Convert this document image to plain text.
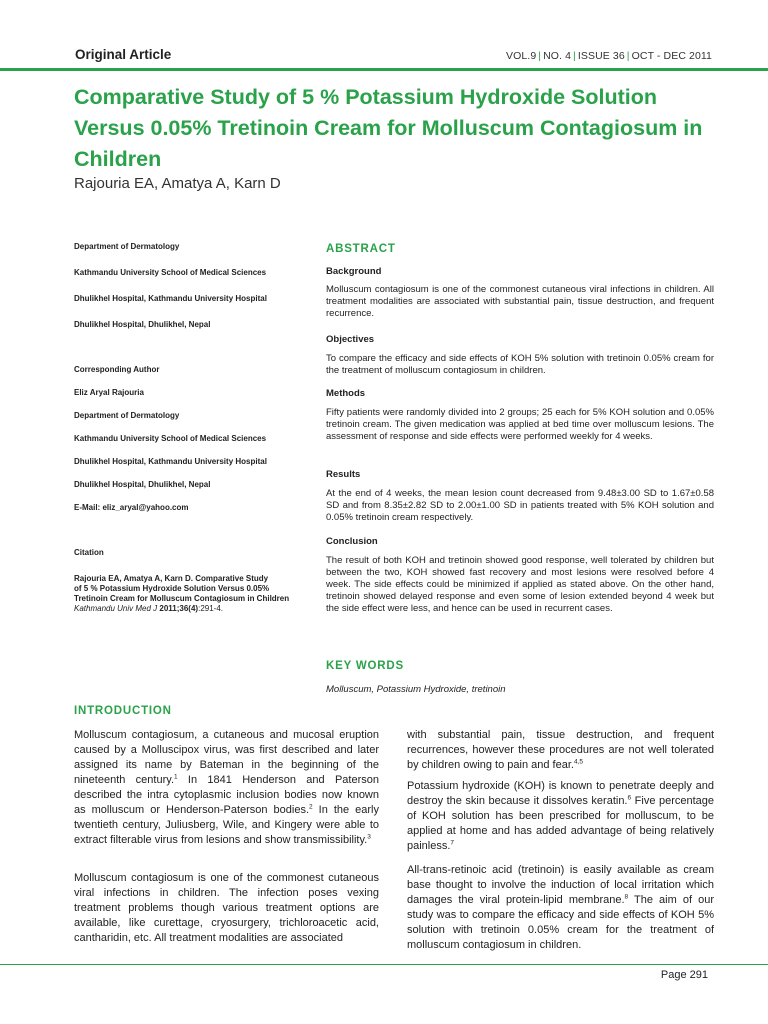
Original Article	VOL.9 | NO. 4 | ISSUE 36 | OCT - DEC 2011
Comparative Study of 5 % Potassium Hydroxide Solution Versus 0.05% Tretinoin Cream for Molluscum Contagiosum in Children
Rajouria EA, Amatya A, Karn D
Department of Dermatology
Kathmandu University School of Medical Sciences
Dhulikhel Hospital, Kathmandu University Hospital
Dhulikhel Hospital, Dhulikhel, Nepal
Corresponding Author
Eliz Aryal Rajouria
Department of Dermatology
Kathmandu University School of Medical Sciences
Dhulikhel Hospital, Kathmandu University Hospital
Dhulikhel Hospital, Dhulikhel, Nepal
E-Mail: eliz_aryal@yahoo.com
Citation
Rajouria EA, Amatya A, Karn D. Comparative Study
of 5 % Potassium Hydroxide Solution Versus 0.05%
Tretinoin Cream for Molluscum Contagiosum in Children
Kathmandu Univ Med J 2011;36(4):291-4.
ABSTRACT
Background

Molluscum contagiosum is one of the commonest cutaneous viral infections in children. All treatment modalities are associated with substantial pain, tissue destruction, and frequent recurrence.

Objectives

To compare the efficacy and side effects of KOH 5% solution with tretinoin 0.05% cream for the treatment of molluscum contagiosum in children.

Methods

Fifty patients were randomly divided into 2 groups; 25 each for 5% KOH solution and 0.05% tretinoin cream. The given medication was applied at bed time over molluscum lesions. The assessment of response and side effects were performed weekly for 4 weeks.

Results

At the end of 4 weeks, the mean lesion count decreased from 9.48±3.00 SD to 1.67±0.58 SD and from 8.35±2.82 SD to 2.00±1.00 SD in patients treated with 5% KOH solution and 0.05% tretinoin cream respectively.

Conclusion

The result of both KOH and tretinoin showed good response, well tolerated by children but between the two, KOH showed fast recovery and most lesions were resolved before 4 week. The side effects could be minimized if applied as stated above. On the other hand, tretinoin showed delayed response and even some of lesion extended beyond 4 week but the side effect were less, and hence can be used in recurrent cases.

KEY WORDS
Molluscum, Potassium Hydroxide, tretinoin
INTRODUCTION

Molluscum contagiosum, a cutaneous and mucosal eruption caused by a Molluscipox virus, was first described and later assigned its name by Bateman in the beginning of the nineteenth century.$^1$ In 1841 Henderson and Paterson described the intra cytoplasmic inclusion bodies now known as molluscum or Henderson-Paterson bodies.$^2$ In the early twentieth century, Juliusberg, Wile, and Kingery were able to extract filterable virus from lesions and show transmissibility.$^3$

Molluscum contagiosum is one of the commonest cutaneous viral infections in children. The infection poses vexing treatment problems though various treatment options are available, like curettage, cryosurgery, trichloroacetic acid, cantharidin, etc. All treatment modalities are associated

with substantial pain, tissue destruction, and frequent recurrences, however these procedures are not well tolerated by children owing to pain and fear.$^{4,5}$

Potassium hydroxide (KOH) is known to penetrate deeply and destroy the skin because it dissolves keratin.$^6$ Five percentage of KOH solution has been prescribed for molluscum, to be applied at home and has added advantage of being relatively painless.$^7$

All-trans-retinoic acid (tretinoin) is easily available as cream base thought to involve the induction of local irritation which damages the viral protein-lipid membrane.$^8$ The aim of our study was to compare the efficacy and side effects of KOH 5% solution with tretinoin 0.05% cream for the treatment of molluscum contagiosum in children.

Page 291
